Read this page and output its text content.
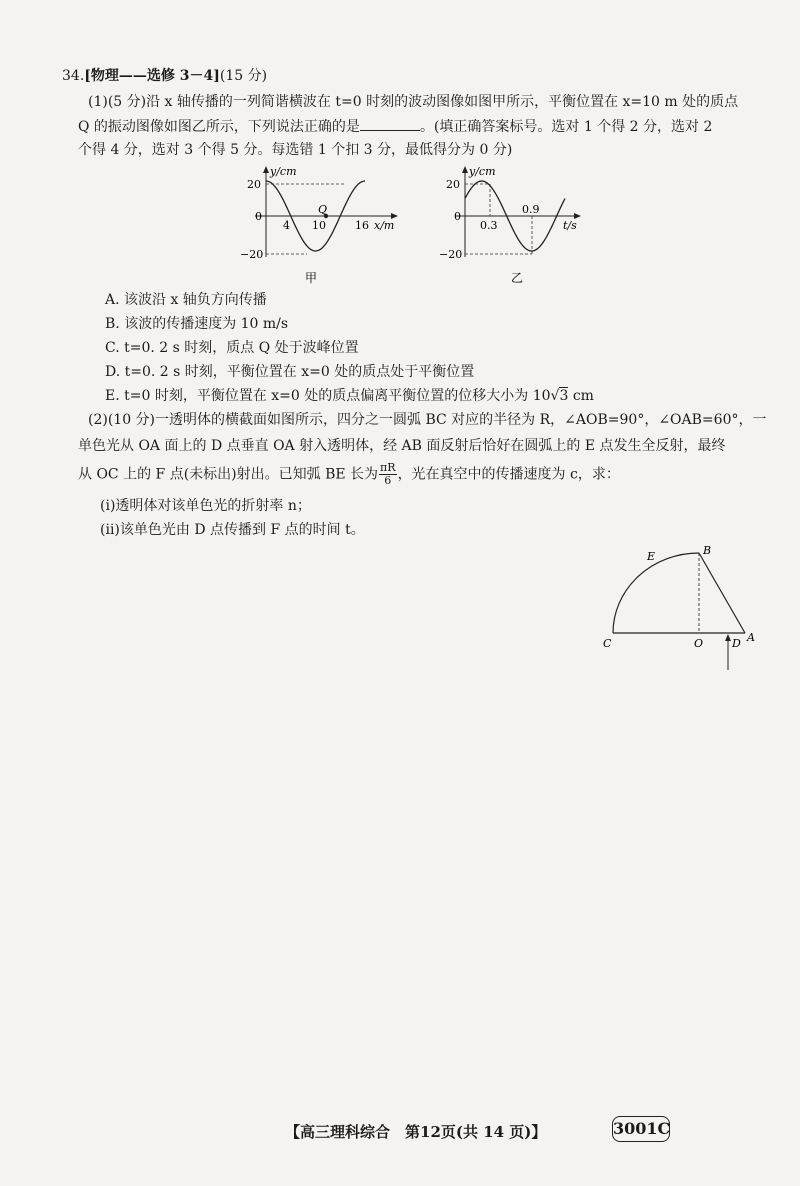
34.[物理——选修 3－4](15 分)
(1)(5 分)沿 x 轴传播的一列简谐横波在 t=0 时刻的波动图像如图甲所示，平衡位置在 x=10 m 处的质点
Q 的振动图像如图乙所示，下列说法正确的是	。(填正确答案标号。选对 1 个得 2 分，选对 2
个得 4 分，选对 3 个得 5 分。每选错 1 个扣 3 分，最低得分为 0 分)
y/cm
20
0
−20
4 10	16
Q
x/m
甲
y/cm
20
0
−20
0.3
0.9
t/s
乙
A. 该波沿 x 轴负方向传播
B. 该波的传播速度为 10 m/s
C. t=0. 2 s 时刻，质点 Q 处于波峰位置
D. t=0. 2 s 时刻，平衡位置在 x=0 处的质点处于平衡位置
E. t=0 时刻，平衡位置在 x=0 处的质点偏离平衡位置的位移大小为 10√3 cm
(2)(10 分)一透明体的横截面如图所示，四分之一圆弧 BC 对应的半径为 R，∠AOB=90°，∠OAB=60°，一
单色光从 OA 面上的 D 点垂直 OA 射入透明体，经 AB 面反射后恰好在圆弧上的 E 点发生全反射，最终
从 OC 上的 F 点(未标出)射出。已知弧 BE 长为 $\frac{\pi R}{6}$ ，光在真空中的传播速度为 c，求：
(ⅰ)透明体对该单色光的折射率 n；
(ⅱ)该单色光由 D 点传播到 F 点的时间 t。
E	B
C	O	D A
【高三理科综合　第12页(共 14 页)】	3001C
